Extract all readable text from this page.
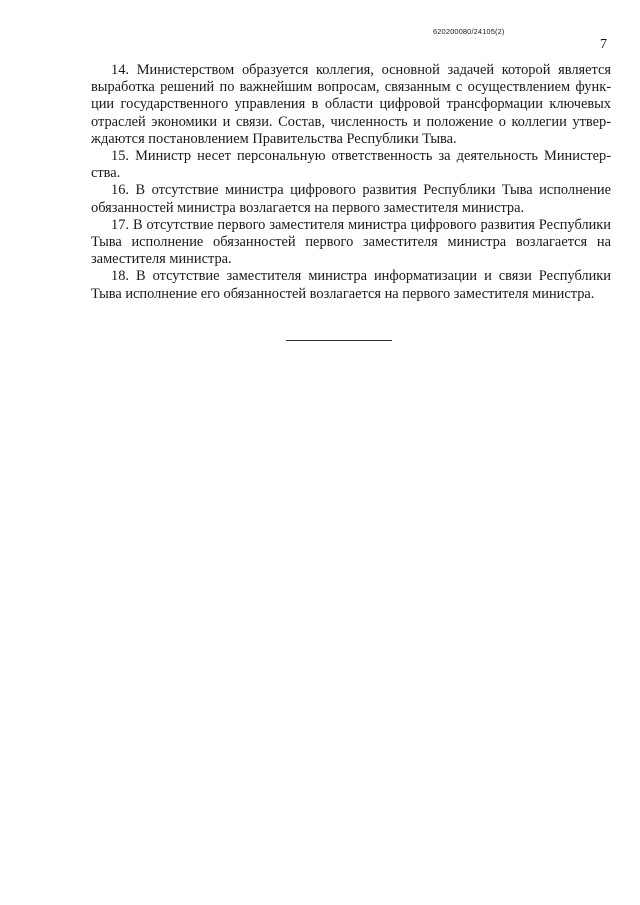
620200080/24105(2)
7

14. Министерством образуется коллегия, основной задачей которой является выработка решений по важнейшим вопросам, связанным с осуществлением функции государственного управления в области цифровой трансформации ключевых отраслей экономики и связи. Состав, численность и положение о коллегии утверждаются постановлением Правительства Республики Тыва.

15. Министр несет персональную ответственность за деятельность Министерства.

16. В отсутствие министра цифрового развития Республики Тыва исполнение обязанностей министра возлагается на первого заместителя министра.

17. В отсутствие первого заместителя министра цифрового развития Республики Тыва исполнение обязанностей первого заместителя министра возлагается на заместителя министра.

18. В отсутствие заместителя министра информатизации и связи Республики Тыва исполнение его обязанностей возлагается на первого заместителя министра.
